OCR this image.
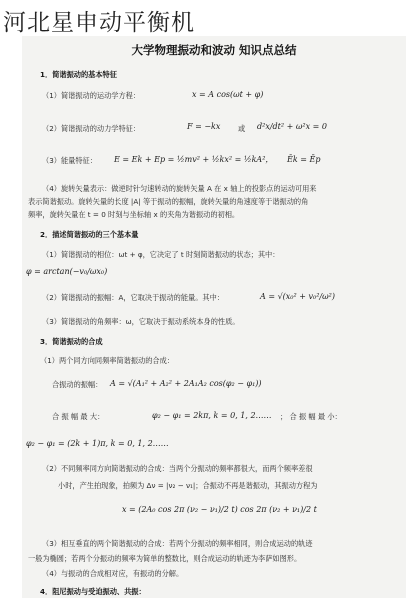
河北星申动平衡机
大学物理振动和波动 知识点总结
1．简谐振动的基本特征
（1）简谐振动的运动学方程：	x = A cos(ωt + φ)
（2）简谐振动的动力学特征：	F = −kx 或 d²x/dt² + ω²x = 0
（3）能量特征： E = Ek + Ep = ½mv² + ½kx² = ½kA²， Ēk = Ēp
（4）旋转矢量表示：做逆时针匀速转动的旋转矢量 A 在 x 轴上的投影点的运动可用来
表示简谐振动。旋转矢量的长度 |A| 等于振动的振幅，旋转矢量的角速度等于谐振动的角
频率，旋转矢量在 t = 0 时刻与坐标轴 x 的夹角为谐振动的初相。
2．描述简谐振动的三个基本量
（1）简谐振动的相位：ωt + φ，它决定了 t 时刻简谐振动的状态；其中：
φ = arctan(−v₀/ωx₀)
（2）简谐振动的振幅：A，它取决于振动的能量。其中：	A = √(x₀² + v₀²/ω²)
（3）简谐振动的角频率：ω，它取决于振动系统本身的性质。
3．简谐振动的合成
（1）两个同方向同频率简谐振动的合成：
合振动的振幅： A = √(A₁² + A₂² + 2A₁A₂ cos(φ₂ − φ₁))
合 振 幅 最 大：	φ₂ − φ₁ = 2kπ, k = 0, 1, 2…… ； 合 振 幅 最 小：
φ₂ − φ₁ = (2k + 1)π, k = 0, 1, 2……
（2）不同频率同方向简谐振动的合成：当两个分振动的频率都很大，而两个频率差很
小时，产生拍现象，拍频为 Δν = |ν₂ − ν₁|；合振动不再是谐振动，其振动方程为
x = (2A₀ cos 2π (ν₂ − ν₁)/2 t) cos 2π (ν₂ + ν₁)/2 t
（3）相互垂直的两个简谐振动的合成：若两个分振动的频率相同，则合成运动的轨迹
一般为椭圆；若两个分振动的频率为简单的整数比，则合成运动的轨迹为李萨如图形。
（4）与振动的合成相对应，有振动的分解。
4．阻尼振动与受迫振动、共振：
